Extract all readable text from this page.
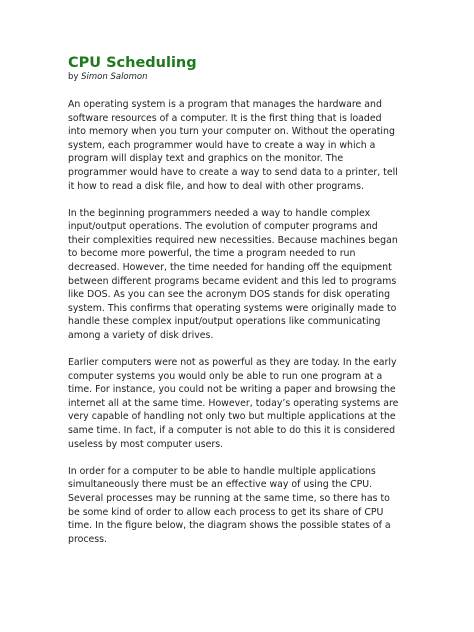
CPU Scheduling

by Simon Salomon

An operating system is a program that manages the hardware and
software resources of a computer. It is the first thing that is loaded
into memory when you turn your computer on. Without the operating
system, each programmer would have to create a way in which a
program will display text and graphics on the monitor. The
programmer would have to create a way to send data to a printer, tell
it how to read a disk file, and how to deal with other programs.

In the beginning programmers needed a way to handle complex
input/output operations. The evolution of computer programs and
their complexities required new necessities. Because machines began
to become more powerful, the time a program needed to run
decreased. However, the time needed for handing off the equipment
between different programs became evident and this led to programs
like DOS. As you can see the acronym DOS stands for disk operating
system. This confirms that operating systems were originally made to
handle these complex input/output operations like communicating
among a variety of disk drives.

Earlier computers were not as powerful as they are today. In the early
computer systems you would only be able to run one program at a
time. For instance, you could not be writing a paper and browsing the
internet all at the same time. However, today’s operating systems are
very capable of handling not only two but multiple applications at the
same time. In fact, if a computer is not able to do this it is considered
useless by most computer users.

In order for a computer to be able to handle multiple applications
simultaneously there must be an effective way of using the CPU.
Several processes may be running at the same time, so there has to
be some kind of order to allow each process to get its share of CPU
time. In the figure below, the diagram shows the possible states of a
process.
